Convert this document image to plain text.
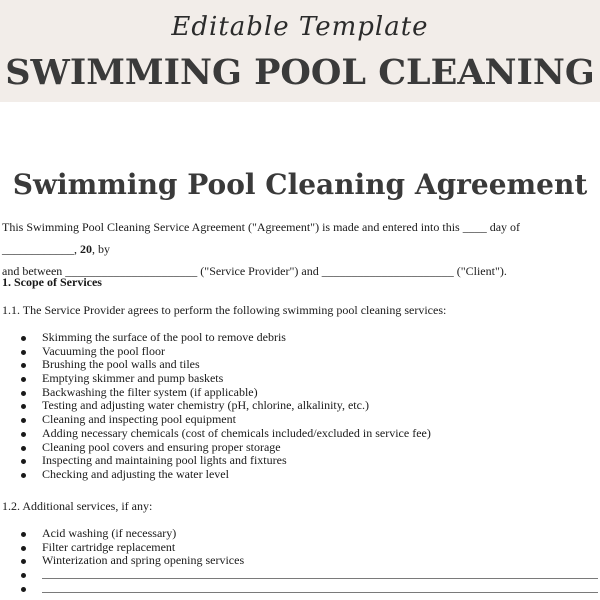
Editable Template
SWIMMING POOL CLEANING
Swimming Pool Cleaning Agreement
This Swimming Pool Cleaning Service Agreement ("Agreement") is made and entered into this ____ day of ____________, 20, by
and between ______________________ ("Service Provider") and ______________________ ("Client").
1. Scope of Services
1.1. The Service Provider agrees to perform the following swimming pool cleaning services:
Skimming the surface of the pool to remove debris
Vacuuming the pool floor
Brushing the pool walls and tiles
Emptying skimmer and pump baskets
Backwashing the filter system (if applicable)
Testing and adjusting water chemistry (pH, chlorine, alkalinity, etc.)
Cleaning and inspecting pool equipment
Adding necessary chemicals (cost of chemicals included/excluded in service fee)
Cleaning pool covers and ensuring proper storage
Inspecting and maintaining pool lights and fixtures
Checking and adjusting the water level
1.2. Additional services, if any:
Acid washing (if necessary)
Filter cartridge replacement
Winterization and spring opening services
